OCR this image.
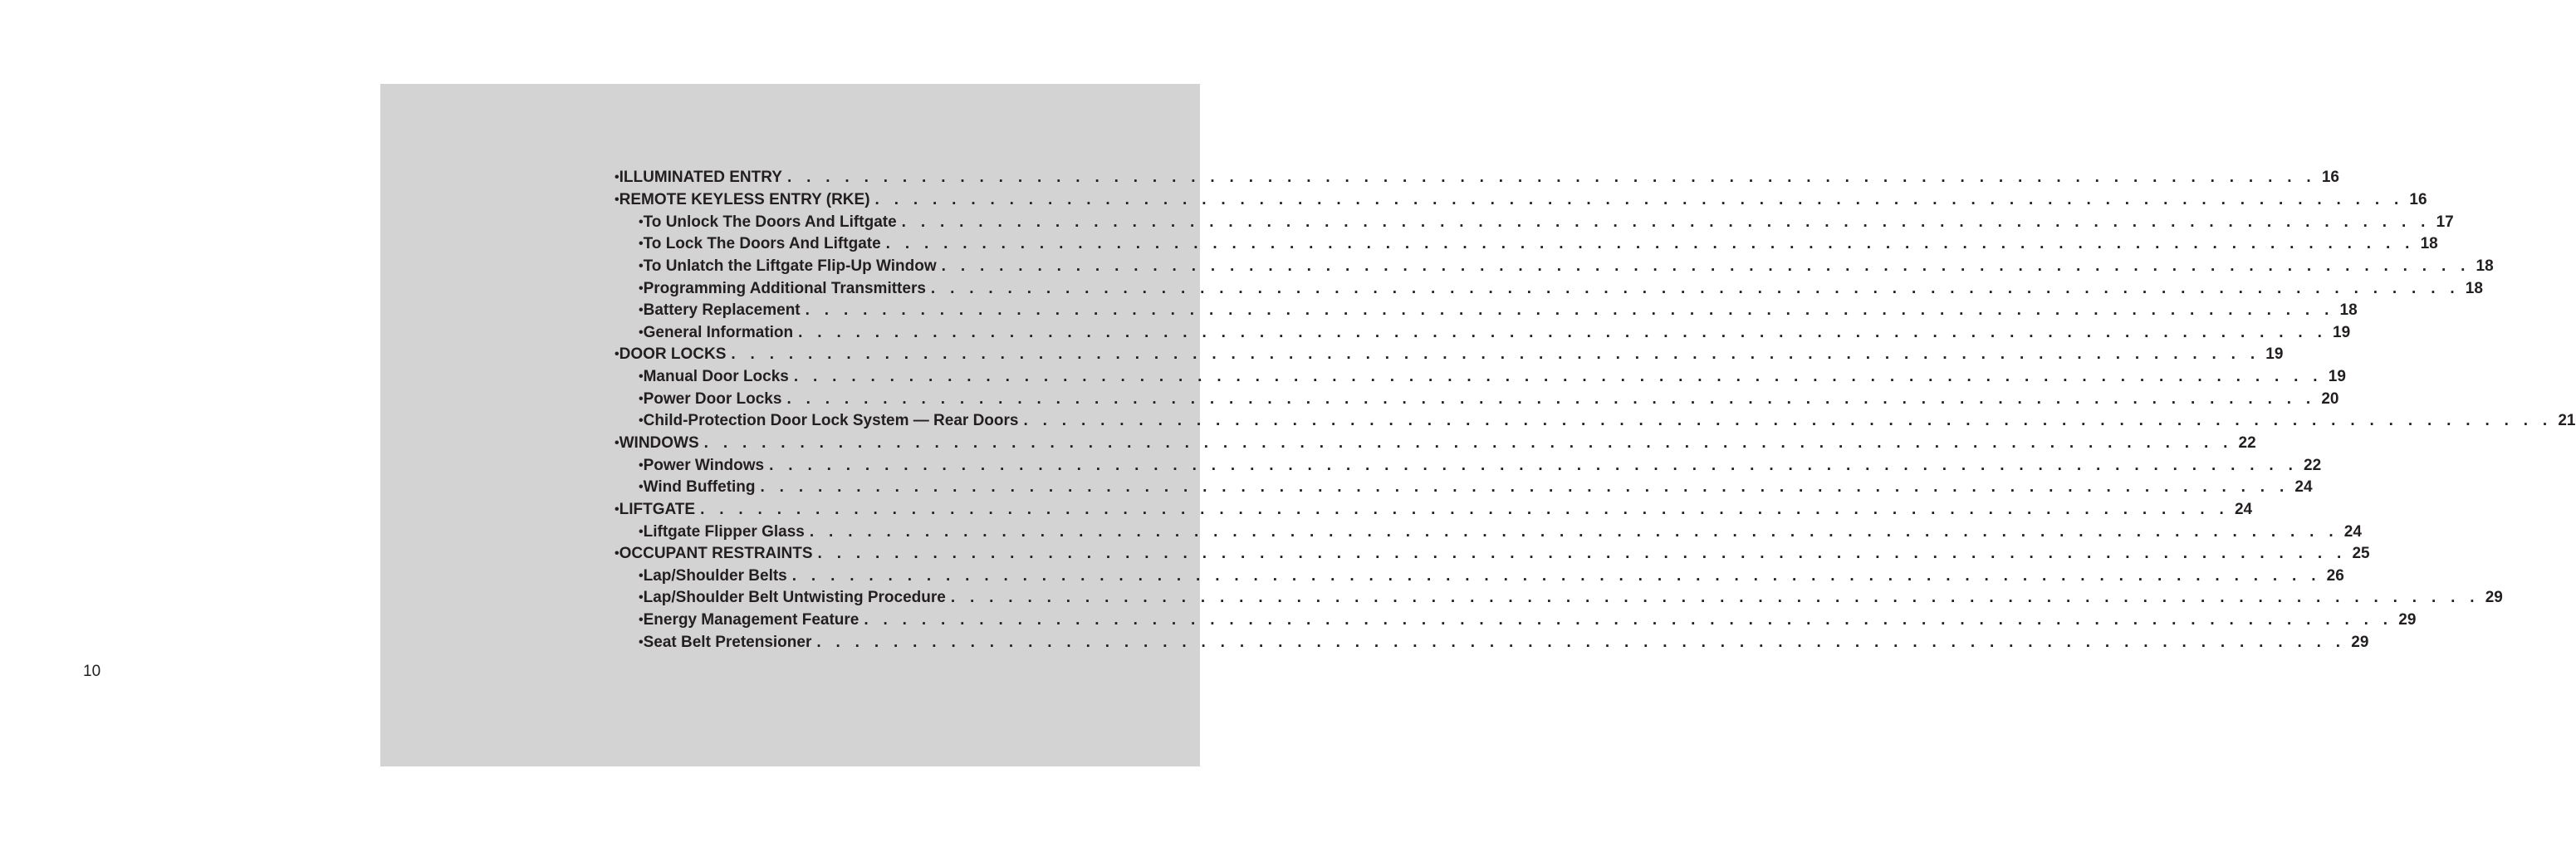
• ILLUMINATED ENTRY . . . . . . . . . . . . . . . . . . . . . . . . . . . . . . . . . . . . . . . . . . . . . . . . . . . . . . . . . . . . . . . . . . . . . . . . . . . . . . . . 16
• REMOTE KEYLESS ENTRY (RKE) . . . . . . . . . . . . . . . . . . . . . . . . . . . . . . . . . . . . . . . . . . . . . . . . . . . . . . . . . . . . . . . . . . . . . . . . . . . . . . . . 16
• To Unlock The Doors And Liftgate . . . . . . . . . . . . . . . . . . . . . . . . . . . . . . . . . . . . . . . . . . . . . . . . . . . . . . . . . . . . . . . . . . . . . . . . . . . . . . . . 17
• To Lock The Doors And Liftgate . . . . . . . . . . . . . . . . . . . . . . . . . . . . . . . . . . . . . . . . . . . . . . . . . . . . . . . . . . . . . . . . . . . . . . . . . . . . . . . . 18
• To Unlatch the Liftgate Flip-Up Window . . . . . . . . . . . . . . . . . . . . . . . . . . . . . . . . . . . . . . . . . . . . . . . . . . . . . . . . . . . . . . . . . . . . . . . . . . . . . . . . 18
• Programming Additional Transmitters . . . . . . . . . . . . . . . . . . . . . . . . . . . . . . . . . . . . . . . . . . . . . . . . . . . . . . . . . . . . . . . . . . . . . . . . . . . . . . . . 18
• Battery Replacement . . . . . . . . . . . . . . . . . . . . . . . . . . . . . . . . . . . . . . . . . . . . . . . . . . . . . . . . . . . . . . . . . . . . . . . . . . . . . . . . 18
• General Information . . . . . . . . . . . . . . . . . . . . . . . . . . . . . . . . . . . . . . . . . . . . . . . . . . . . . . . . . . . . . . . . . . . . . . . . . . . . . . . . 19
• DOOR LOCKS . . . . . . . . . . . . . . . . . . . . . . . . . . . . . . . . . . . . . . . . . . . . . . . . . . . . . . . . . . . . . . . . . . . . . . . . . . . . . . . . 19
• Manual Door Locks . . . . . . . . . . . . . . . . . . . . . . . . . . . . . . . . . . . . . . . . . . . . . . . . . . . . . . . . . . . . . . . . . . . . . . . . . . . . . . . . 19
• Power Door Locks . . . . . . . . . . . . . . . . . . . . . . . . . . . . . . . . . . . . . . . . . . . . . . . . . . . . . . . . . . . . . . . . . . . . . . . . . . . . . . . . 20
• Child-Protection Door Lock System — Rear Doors . . . . . . . . . . . . . . . . . . . . . . . . . . . . . . . . . . . . . . . . . . . . . . . . . . . . . . . . . . . . . . . . . . . . . . . . . . . . . . . . 21
• WINDOWS . . . . . . . . . . . . . . . . . . . . . . . . . . . . . . . . . . . . . . . . . . . . . . . . . . . . . . . . . . . . . . . . . . . . . . . . . . . . . . . . 22
• Power Windows . . . . . . . . . . . . . . . . . . . . . . . . . . . . . . . . . . . . . . . . . . . . . . . . . . . . . . . . . . . . . . . . . . . . . . . . . . . . . . . . 22
• Wind Buffeting . . . . . . . . . . . . . . . . . . . . . . . . . . . . . . . . . . . . . . . . . . . . . . . . . . . . . . . . . . . . . . . . . . . . . . . . . . . . . . . . 24
• LIFTGATE . . . . . . . . . . . . . . . . . . . . . . . . . . . . . . . . . . . . . . . . . . . . . . . . . . . . . . . . . . . . . . . . . . . . . . . . . . . . . . . . 24
• Liftgate Flipper Glass . . . . . . . . . . . . . . . . . . . . . . . . . . . . . . . . . . . . . . . . . . . . . . . . . . . . . . . . . . . . . . . . . . . . . . . . . . . . . . . . 24
• OCCUPANT RESTRAINTS . . . . . . . . . . . . . . . . . . . . . . . . . . . . . . . . . . . . . . . . . . . . . . . . . . . . . . . . . . . . . . . . . . . . . . . . . . . . . . . . 25
• Lap/Shoulder Belts . . . . . . . . . . . . . . . . . . . . . . . . . . . . . . . . . . . . . . . . . . . . . . . . . . . . . . . . . . . . . . . . . . . . . . . . . . . . . . . . 26
• Lap/Shoulder Belt Untwisting Procedure . . . . . . . . . . . . . . . . . . . . . . . . . . . . . . . . . . . . . . . . . . . . . . . . . . . . . . . . . . . . . . . . . . . . . . . . . . . . . . . . 29
• Energy Management Feature . . . . . . . . . . . . . . . . . . . . . . . . . . . . . . . . . . . . . . . . . . . . . . . . . . . . . . . . . . . . . . . . . . . . . . . . . . . . . . . . 29
• Seat Belt Pretensioner . . . . . . . . . . . . . . . . . . . . . . . . . . . . . . . . . . . . . . . . . . . . . . . . . . . . . . . . . . . . . . . . . . . . . . . . . . . . . . . . 29
10
